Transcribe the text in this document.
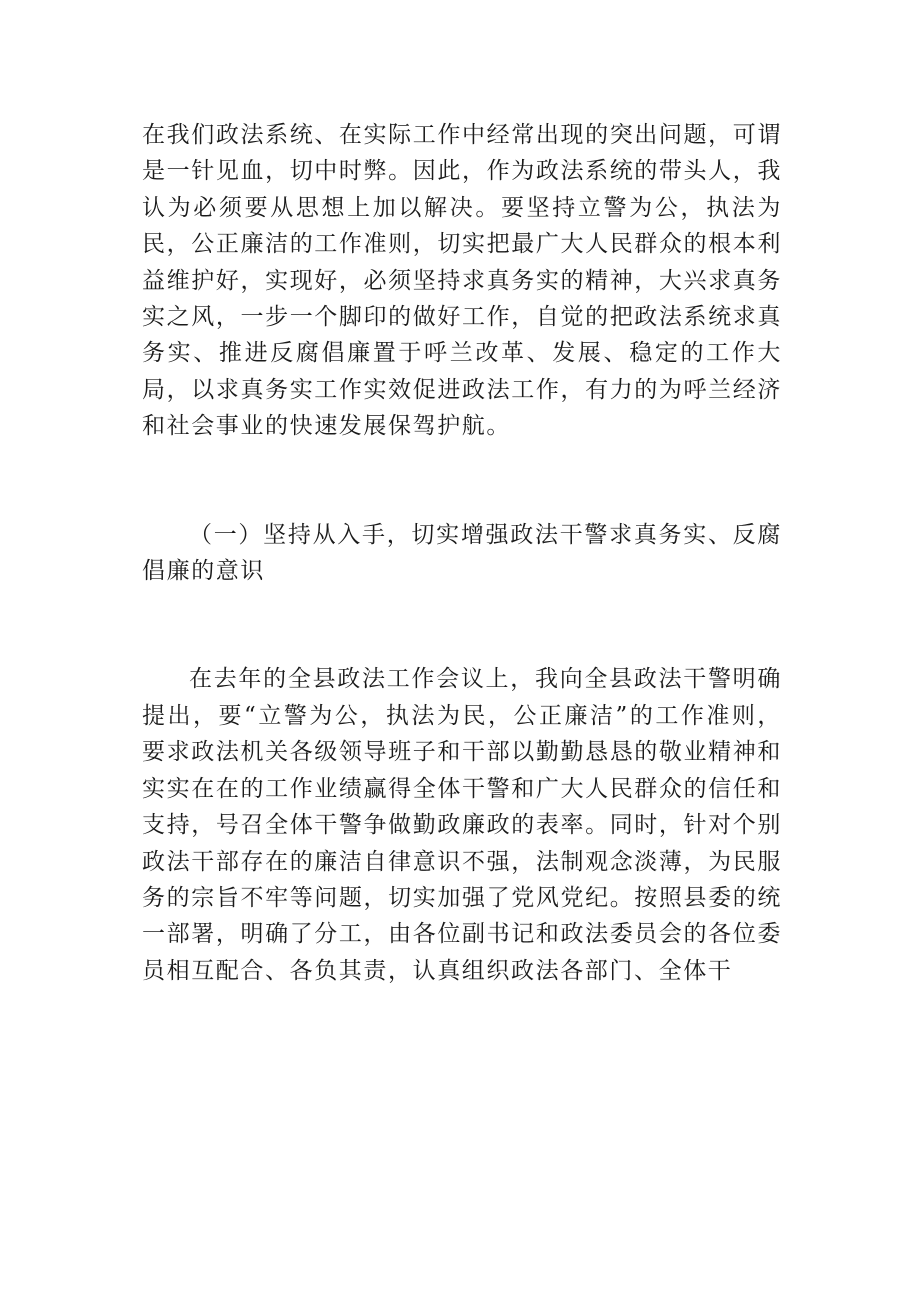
在我们政法系统、在实际工作中经常出现的突出问题，可谓是一针见血，切中时弊。因此，作为政法系统的带头人，我认为必须要从思想上加以解决。要坚持立警为公，执法为民，公正廉洁的工作准则，切实把最广大人民群众的根本利益维护好，实现好，必须坚持求真务实的精神，大兴求真务实之风，一步一个脚印的做好工作，自觉的把政法系统求真务实、推进反腐倡廉置于呼兰改革、发展、稳定的工作大局，以求真务实工作实效促进政法工作，有力的为呼兰经济和社会事业的快速发展保驾护航。

（一）坚持从入手，切实增强政法干警求真务实、反腐倡廉的意识

在去年的全县政法工作会议上，我向全县政法干警明确提出，要“立警为公，执法为民，公正廉洁”的工作准则，要求政法机关各级领导班子和干部以勤勤恳恳的敬业精神和实实在在的工作业绩赢得全体干警和广大人民群众的信任和支持，号召全体干警争做勤政廉政的表率。同时，针对个别政法干部存在的廉洁自律意识不强，法制观念淡薄，为民服务的宗旨不牢等问题，切实加强了党风党纪。按照县委的统一部署，明确了分工，由各位副书记和政法委员会的各位委员相互配合、各负其责，认真组织政法各部门、全体干
